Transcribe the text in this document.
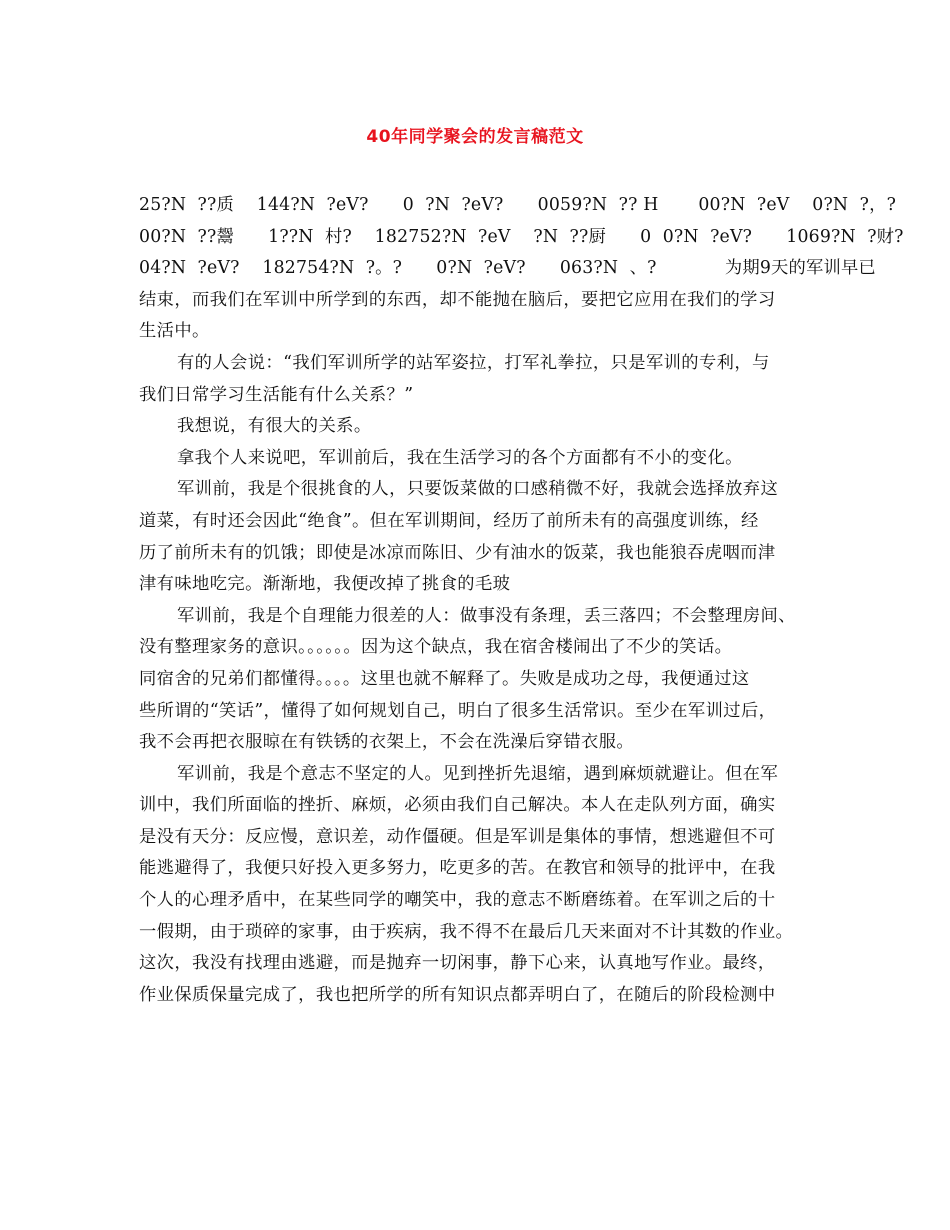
40年同学聚会的发言稿范文
25?N  ??质    144?N  ?eV?      0  ?N  ?eV?      0059?N  ?? H       00?N  ?eV    0?N  ?，?
00?N  ??鬶      1??N  村?    182752?N  ?eV    ?N  ??厨      0  0?N  ?eV?      1069?N  ?财?
04?N  ?eV?    182754?N  ?。?      0?N  ?eV?      063?N  、?            为期9天的军训早已
结束，而我们在军训中所学到的东西，却不能抛在脑后，要把它应用在我们的学习
生活中。
有的人会说：“我们军训所学的站军姿拉，打军礼拳拉，只是军训的专利，与
我们日常学习生活能有什么关系？”
我想说，有很大的关系。
拿我个人来说吧，军训前后，我在生活学习的各个方面都有不小的变化。
军训前，我是个很挑食的人，只要饭菜做的口感稍微不好，我就会选择放弃这
道菜，有时还会因此“绝食”。但在军训期间，经历了前所未有的高强度训练，经
历了前所未有的饥饿；即使是冰凉而陈旧、少有油水的饭菜，我也能狼吞虎咽而津
津有味地吃完。渐渐地，我便改掉了挑食的毛玻
军训前，我是个自理能力很差的人：做事没有条理，丢三落四；不会整理房间、
没有整理家务的意识。。。。。。因为这个缺点，我在宿舍楼闹出了不少的笑话。
同宿舍的兄弟们都懂得。。。。这里也就不解释了。失败是成功之母，我便通过这
些所谓的“笑话”，懂得了如何规划自己，明白了很多生活常识。至少在军训过后，
我不会再把衣服晾在有铁锈的衣架上，不会在洗澡后穿错衣服。
军训前，我是个意志不坚定的人。见到挫折先退缩，遇到麻烦就避让。但在军
训中，我们所面临的挫折、麻烦，必须由我们自己解决。本人在走队列方面，确实
是没有天分：反应慢，意识差，动作僵硬。但是军训是集体的事情，想逃避但不可
能逃避得了，我便只好投入更多努力，吃更多的苦。在教官和领导的批评中，在我
个人的心理矛盾中，在某些同学的嘲笑中，我的意志不断磨练着。在军训之后的十
一假期，由于琐碎的家事，由于疾病，我不得不在最后几天来面对不计其数的作业。
这次，我没有找理由逃避，而是抛弃一切闲事，静下心来，认真地写作业。最终，
作业保质保量完成了，我也把所学的所有知识点都弄明白了，在随后的阶段检测中
